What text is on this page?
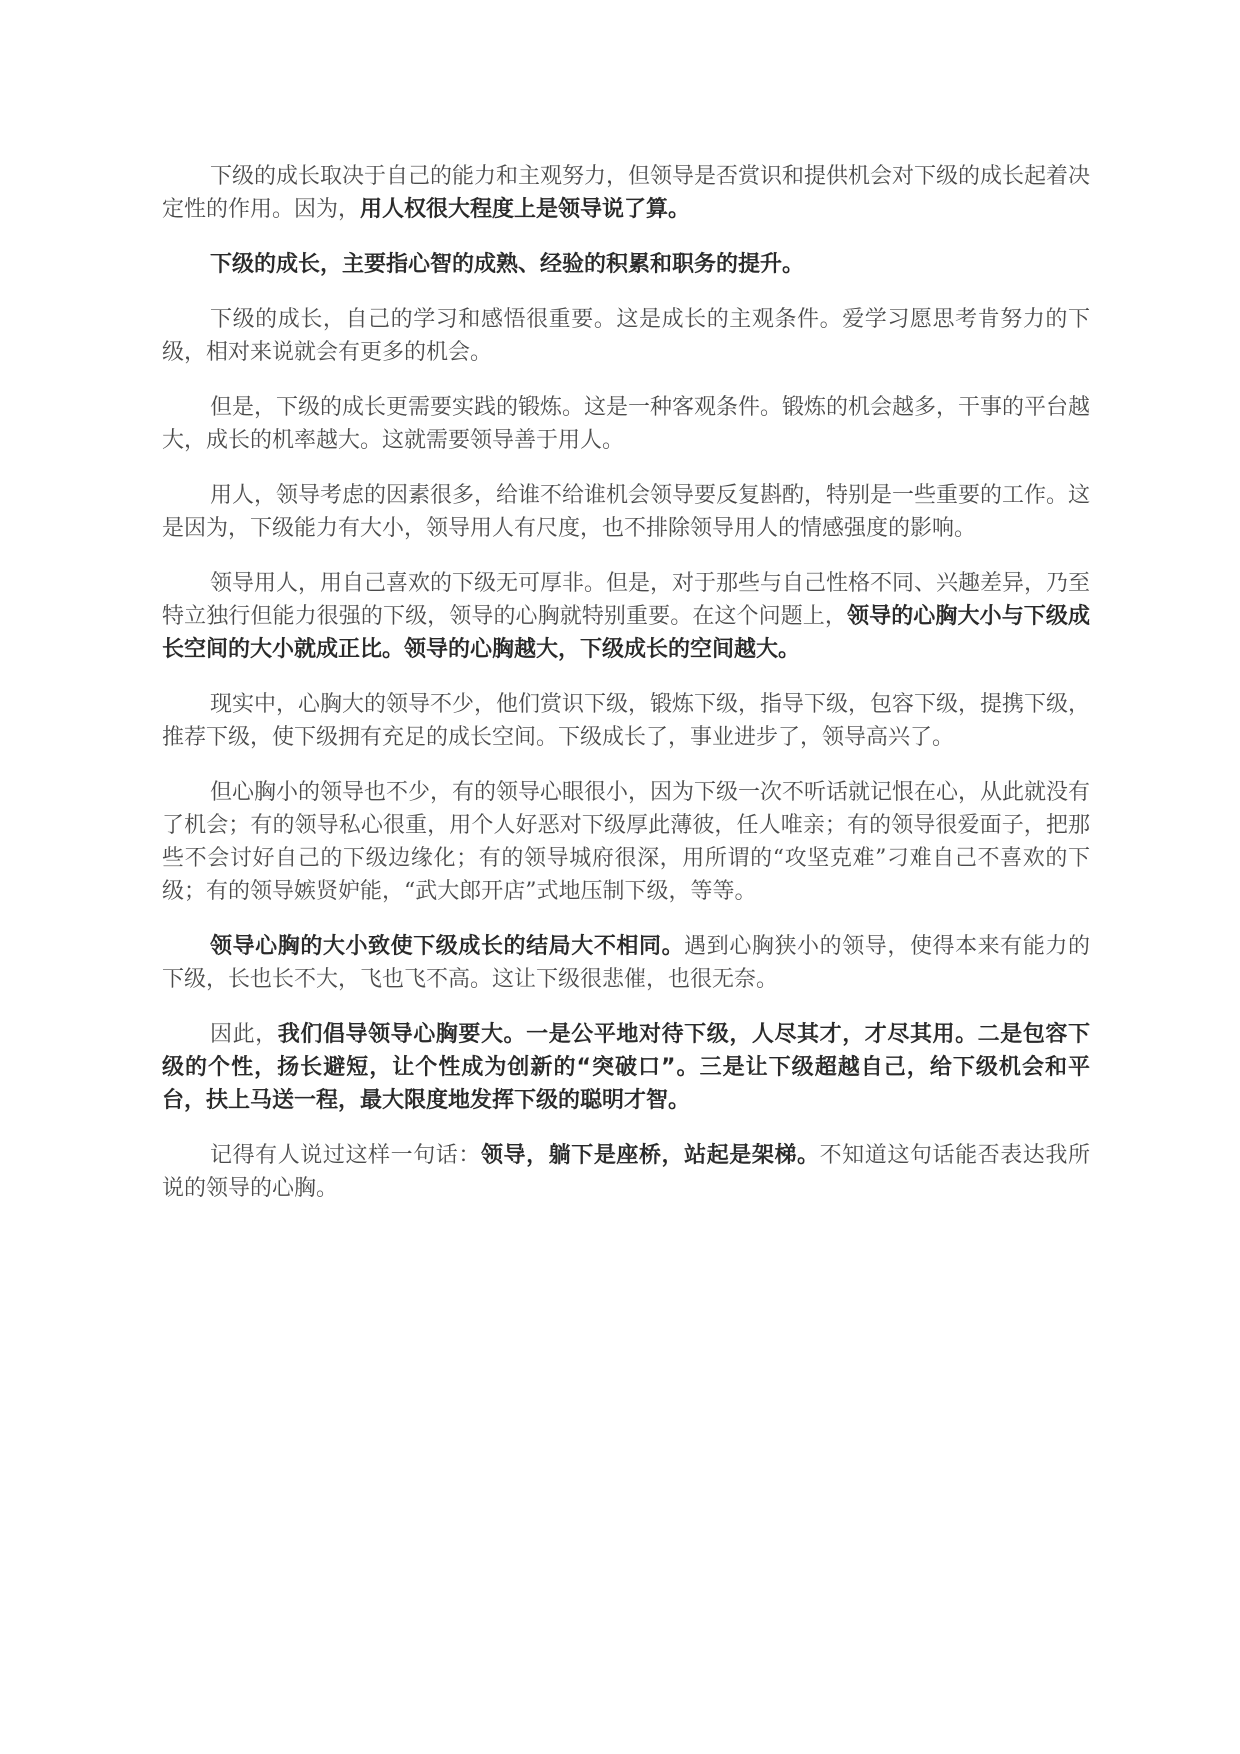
下级的成长取决于自己的能力和主观努力，但领导是否赏识和提供机会对下级的成长起着决定性的作用。因为，用人权很大程度上是领导说了算。

下级的成长，主要指心智的成熟、经验的积累和职务的提升。

下级的成长，自己的学习和感悟很重要。这是成长的主观条件。爱学习愿思考肯努力的下级，相对来说就会有更多的机会。

但是，下级的成长更需要实践的锻炼。这是一种客观条件。锻炼的机会越多，干事的平台越大，成长的机率越大。这就需要领导善于用人。

用人，领导考虑的因素很多，给谁不给谁机会领导要反复斟酌，特别是一些重要的工作。这是因为，下级能力有大小，领导用人有尺度，也不排除领导用人的情感强度的影响。

领导用人，用自己喜欢的下级无可厚非。但是，对于那些与自己性格不同、兴趣差异，乃至特立独行但能力很强的下级，领导的心胸就特别重要。在这个问题上，领导的心胸大小与下级成长空间的大小就成正比。领导的心胸越大，下级成长的空间越大。

现实中，心胸大的领导不少，他们赏识下级，锻炼下级，指导下级，包容下级，提携下级，推荐下级，使下级拥有充足的成长空间。下级成长了，事业进步了，领导高兴了。

但心胸小的领导也不少，有的领导心眼很小，因为下级一次不听话就记恨在心，从此就没有了机会；有的领导私心很重，用个人好恶对下级厚此薄彼，任人唯亲；有的领导很爱面子，把那些不会讨好自己的下级边缘化；有的领导城府很深，用所谓的“攻坚克难”刁难自己不喜欢的下级；有的领导嫉贤妒能，“武大郎开店”式地压制下级，等等。

领导心胸的大小致使下级成长的结局大不相同。遇到心胸狭小的领导，使得本来有能力的下级，长也长不大，飞也飞不高。这让下级很悲催，也很无奈。

因此，我们倡导领导心胸要大。一是公平地对待下级，人尽其才，才尽其用。二是包容下级的个性，扬长避短，让个性成为创新的“突破口”。三是让下级超越自己，给下级机会和平台，扶上马送一程，最大限度地发挥下级的聪明才智。

记得有人说过这样一句话：领导，躺下是座桥，站起是架梯。不知道这句话能否表达我所说的领导的心胸。
